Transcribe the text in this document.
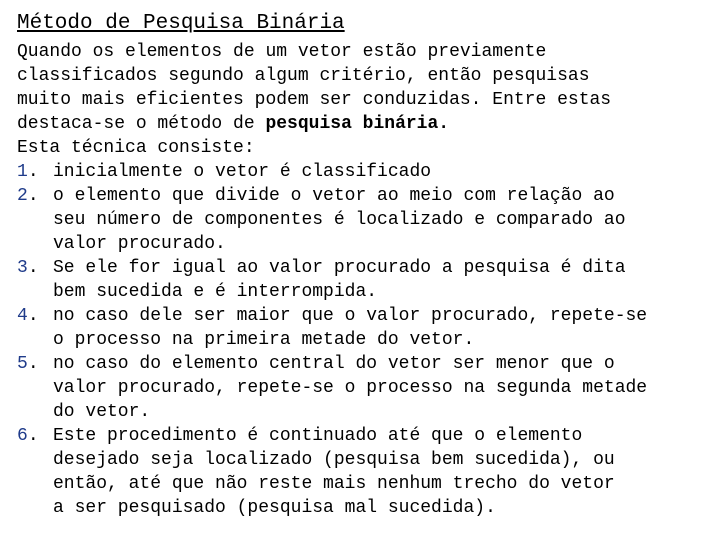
Método de Pesquisa Binária
Quando os elementos de um vetor estão previamente
classificados segundo algum critério, então pesquisas
muito mais eficientes podem ser conduzidas. Entre estas
destaca-se o método de pesquisa binária.
Esta técnica consiste:
1. inicialmente o vetor é classificado
2. o elemento que divide o vetor ao meio com relação ao
seu número de componentes é localizado e comparado ao
valor procurado.
3. Se ele for igual ao valor procurado a pesquisa é dita
bem sucedida e é interrompida.
4. no caso dele ser maior que o valor procurado, repete-se
o processo na primeira metade do vetor.
5. no caso do elemento central do vetor ser menor que o
valor procurado, repete-se o processo na segunda metade
do vetor.
6. Este procedimento é continuado até que o elemento
desejado seja localizado (pesquisa bem sucedida), ou
então, até que não reste mais nenhum trecho do vetor
a ser pesquisado (pesquisa mal sucedida).
